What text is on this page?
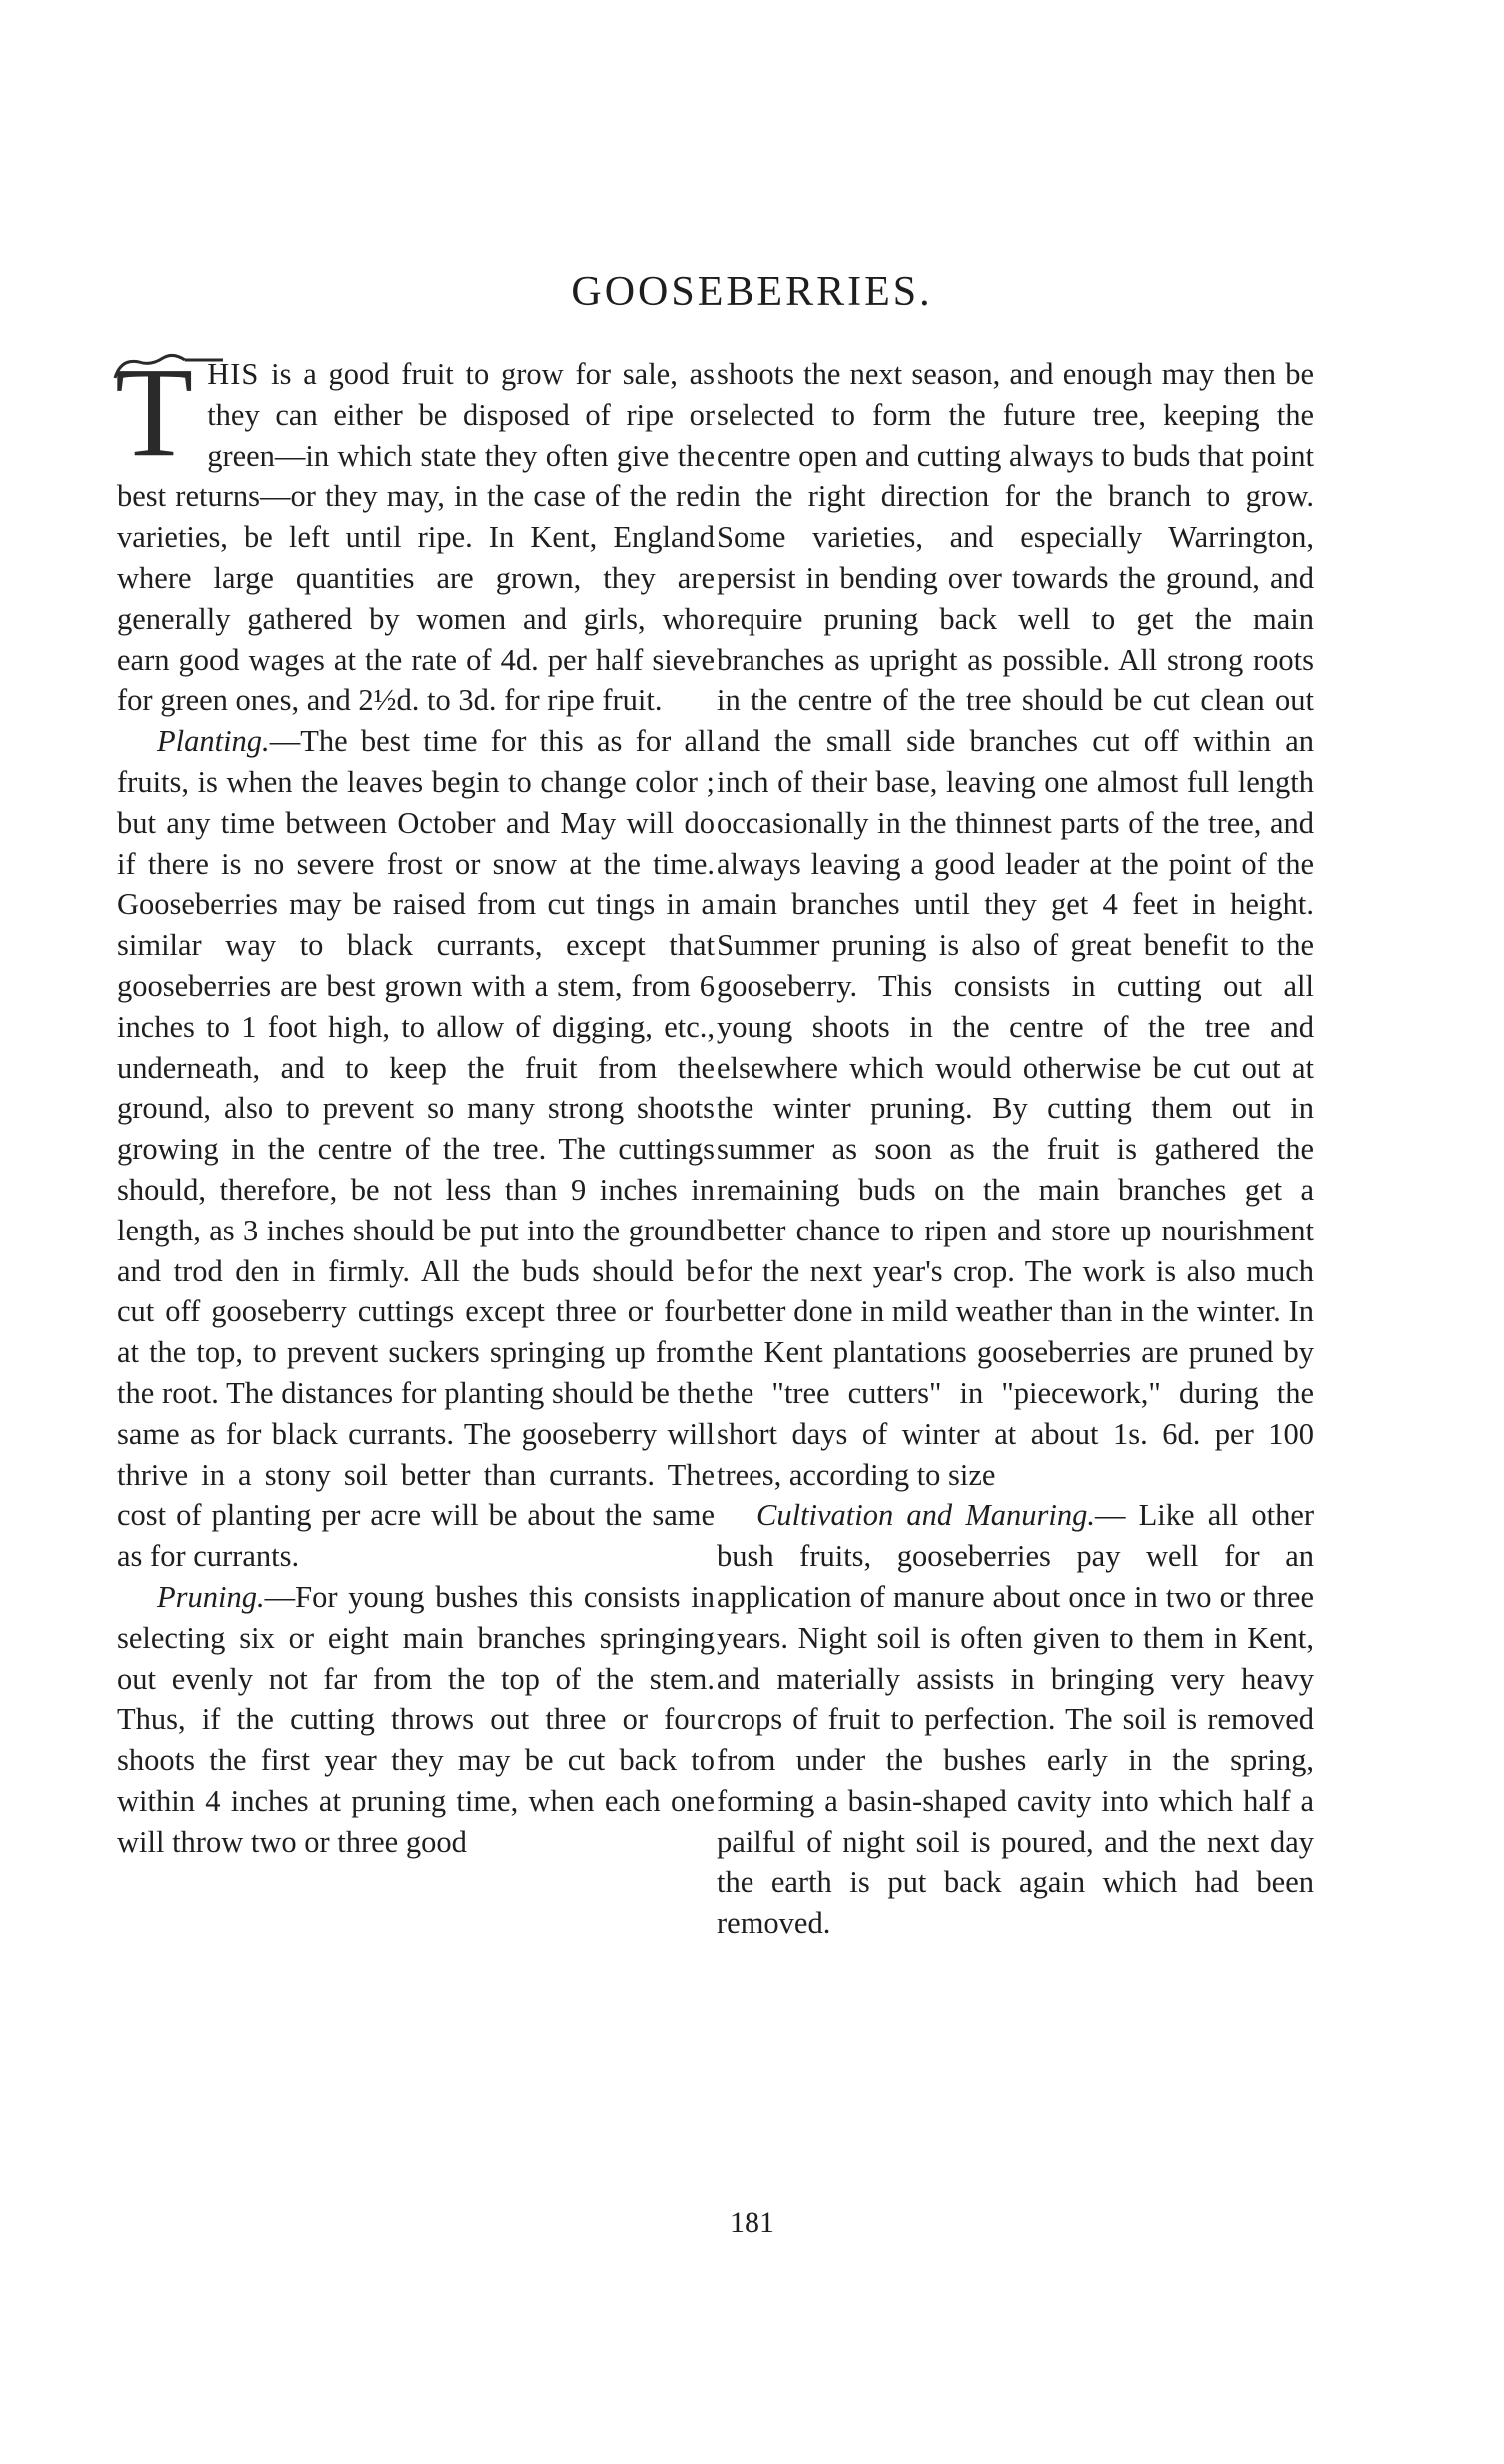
GOOSEBERRIES.

T HIS is a good fruit to grow for sale, as they can either be disposed of ripe or green—in which state they often give the best returns—or they may, in the case of the red varieties, be left until ripe. In Kent, England where large quantities are grown, they are generally gathered by women and girls, who earn good wages at the rate of 4d. per half sieve for green ones, and 2½d. to 3d. for ripe fruit.

Planting.—The best time for this as for all fruits, is when the leaves begin to change color ; but any time between October and May will do if there is no severe frost or snow at the time. Gooseberries may be raised from cut tings in a similar way to black currants, except that gooseberries are best grown with a stem, from 6 inches to 1 foot high, to allow of digging, etc., underneath, and to keep the fruit from the ground, also to prevent so many strong shoots growing in the centre of the tree. The cuttings should, therefore, be not less than 9 inches in length, as 3 inches should be put into the ground and trod den in firmly. All the buds should be cut off gooseberry cuttings except three or four at the top, to prevent suckers springing up from the root. The distances for planting should be the same as for black currants. The gooseberry will thrive in a stony soil better than currants. The cost of planting per acre will be about the same as for currants.

Pruning.—For young bushes this consists in selecting six or eight main branches springing out evenly not far from the top of the stem. Thus, if the cutting throws out three or four shoots the first year they may be cut back to within 4 inches at pruning time, when each one will throw two or three good

shoots the next season, and enough may then be selected to form the future tree, keeping the centre open and cutting always to buds that point in the right direction for the branch to grow. Some varieties, and especially Warrington, persist in bending over towards the ground, and require pruning back well to get the main branches as upright as possible. All strong roots in the centre of the tree should be cut clean out and the small side branches cut off within an inch of their base, leaving one almost full length occasionally in the thinnest parts of the tree, and always leaving a good leader at the point of the main branches until they get 4 feet in height. Summer pruning is also of great benefit to the gooseberry. This consists in cutting out all young shoots in the centre of the tree and elsewhere which would otherwise be cut out at the winter pruning. By cutting them out in summer as soon as the fruit is gathered the remaining buds on the main branches get a better chance to ripen and store up nourishment for the next year's crop. The work is also much better done in mild weather than in the winter. In the Kent plantations gooseberries are pruned by the "tree cutters" in "piecework," during the short days of winter at about 1s. 6d. per 100 trees, according to size

Cultivation and Manuring.— Like all other bush fruits, gooseberries pay well for an application of manure about once in two or three years. Night soil is often given to them in Kent, and materially assists in bringing very heavy crops of fruit to perfection. The soil is removed from under the bushes early in the spring, forming a basin-shaped cavity into which half a pailful of night soil is poured, and the next day the earth is put back again which had been removed.

181
